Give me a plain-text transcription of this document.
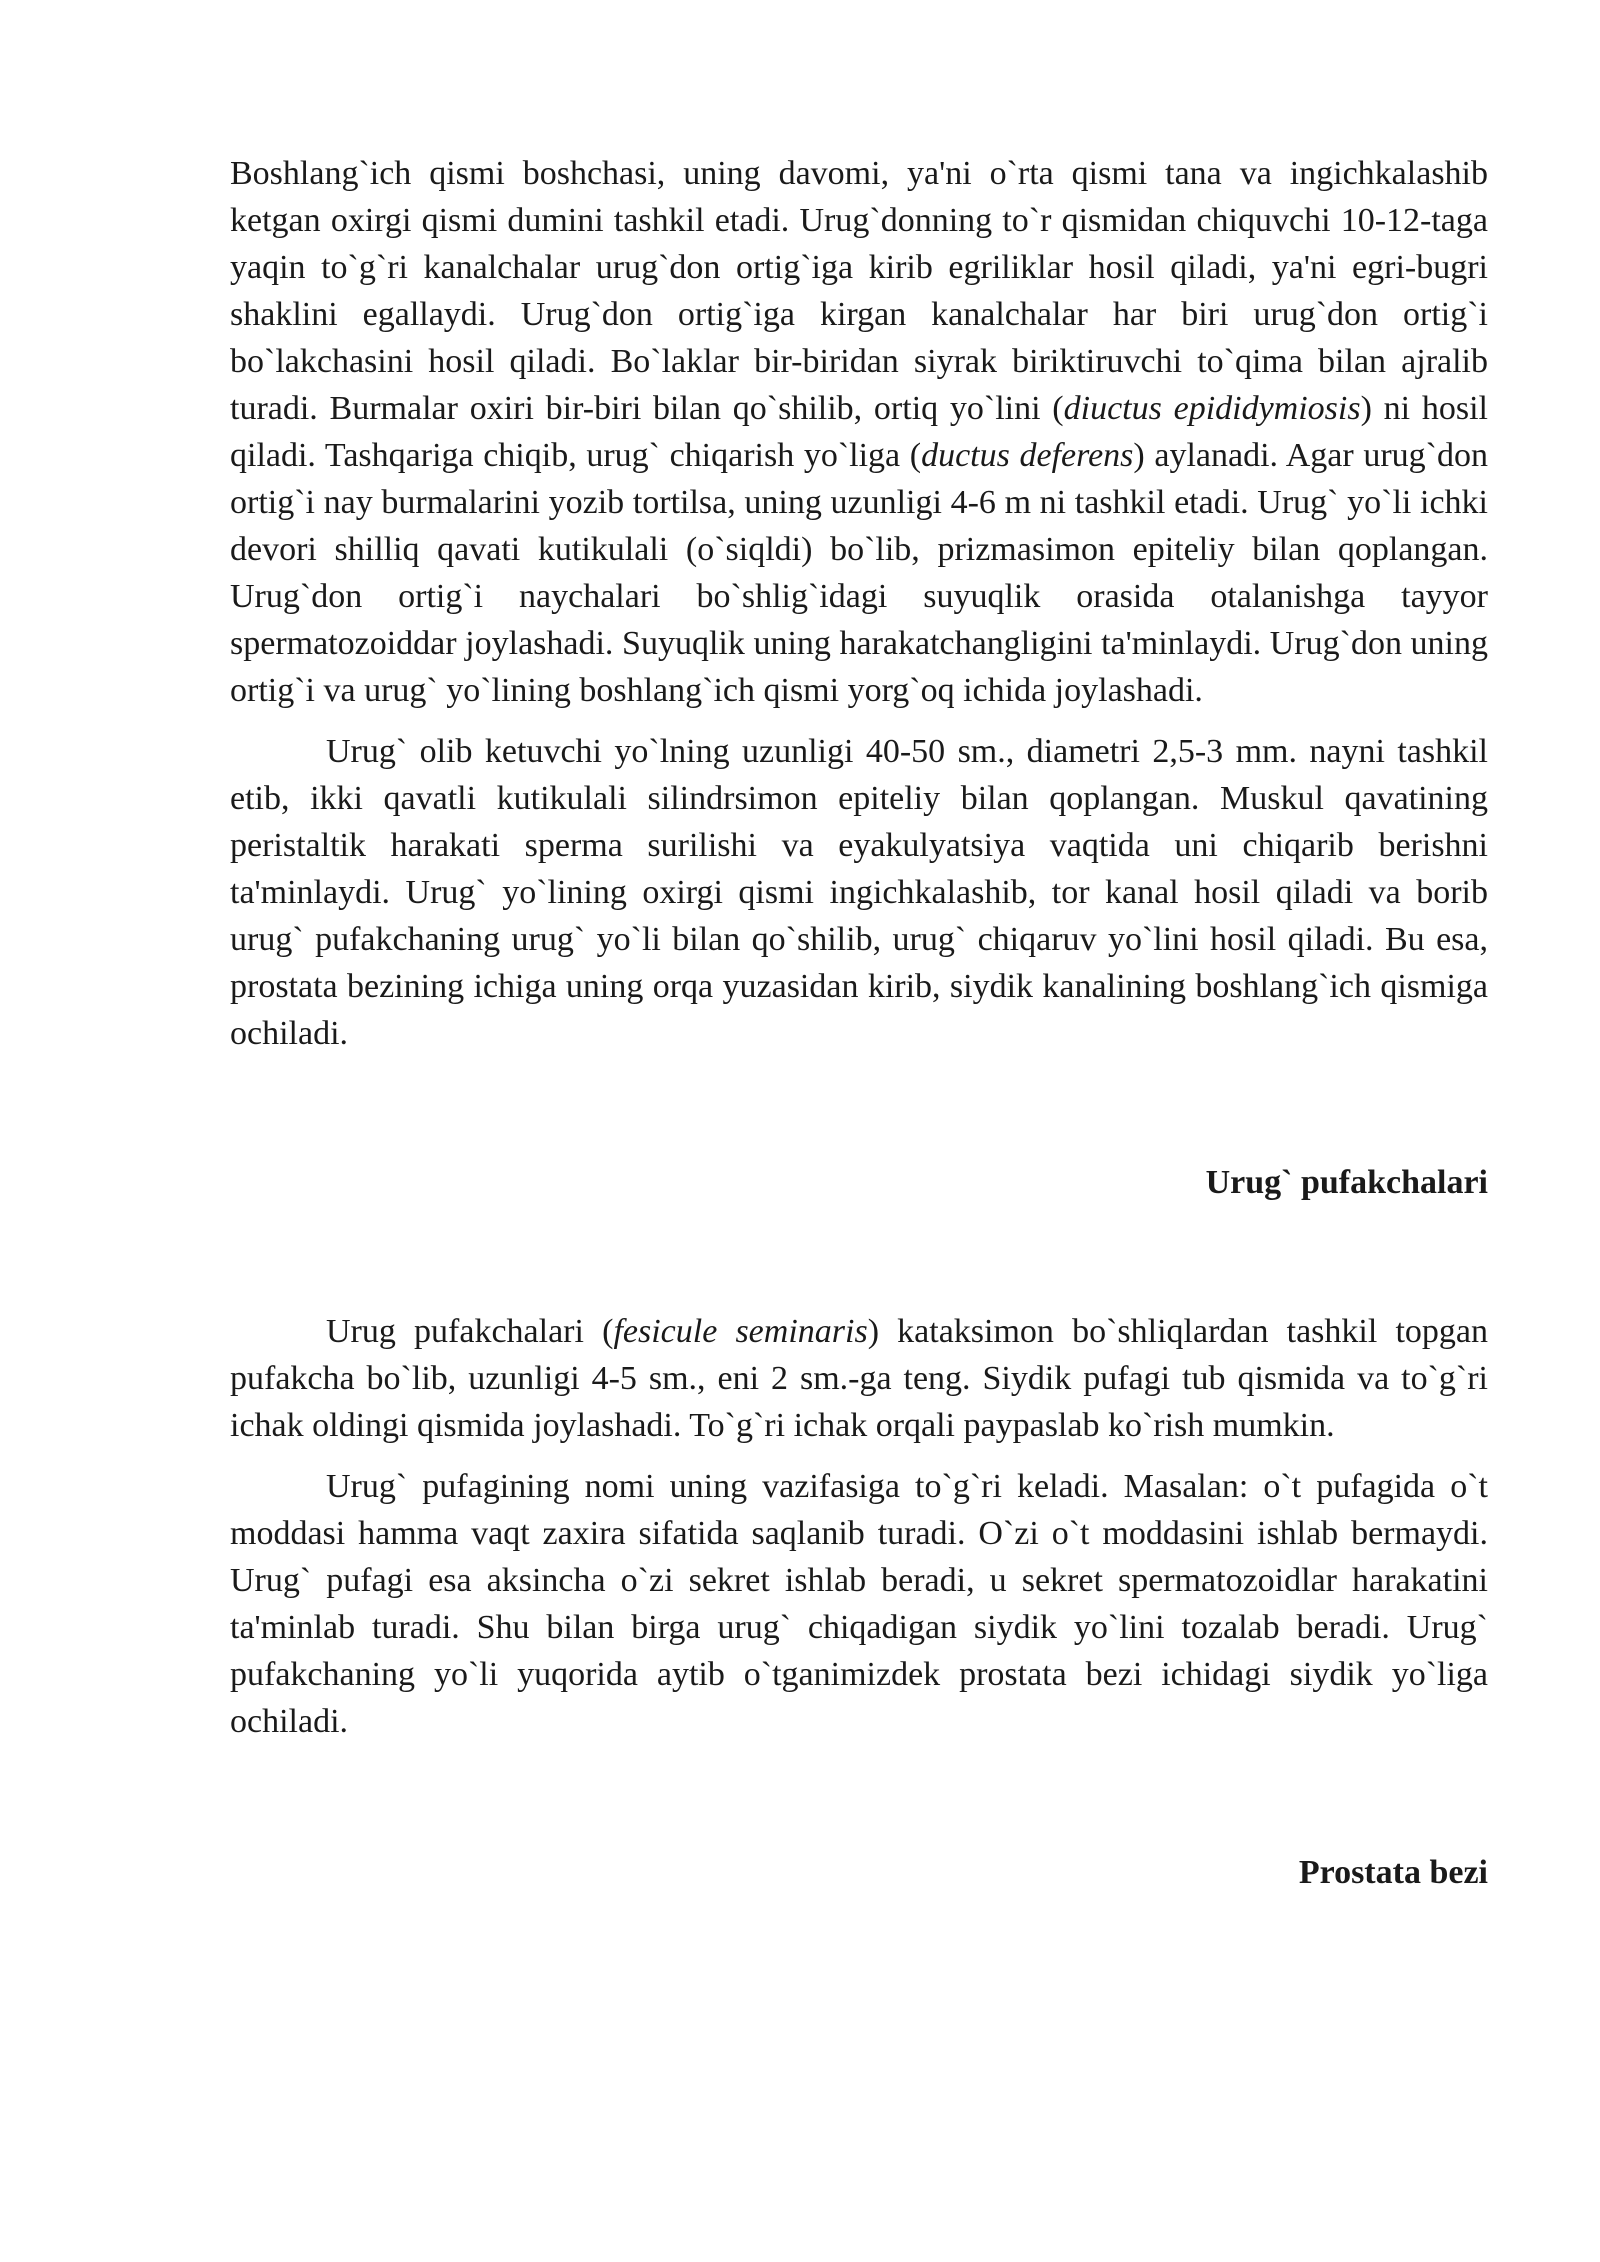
Boshlang`ich qismi boshchasi, uning davomi, ya'ni o`rta qismi tana va ingichkalashib ketgan oxirgi qismi dumini tashkil etadi. Urug`donning to`r qismidan chiquvchi 10-12-taga yaqin to`g`ri kanalchalar urug`don ortig`iga kirib egriliklar hosil qiladi, ya'ni egri-bugri shaklini egallaydi. Urug`don ortig`iga kirgan kanalchalar har biri urug`don ortig`i bo`lakchasini hosil qiladi. Bo`laklar bir-biridan siyrak biriktiruvchi to`qima bilan ajralib turadi. Burmalar oxiri bir-biri bilan qo`shilib, ortiq yo`lini (diuctus epididymiosis) ni hosil qiladi. Tashqariga chiqib, urug` chiqarish yo`liga (ductus deferens) aylanadi. Agar urug`don ortig`i nay burmalarini yozib tortilsa, uning uzunligi 4-6 m ni tashkil etadi. Urug` yo`li ichki devori shilliq qavati kutikulali (o`siqldi) bo`lib, prizmasimon epiteliy bilan qoplangan. Urug`don ortig`i naychalari bo`shlig`idagi suyuqlik orasida otalanishga tayyor spermatozoiddar joylashadi. Suyuqlik uning harakatchangligini ta'minlaydi. Urug`don uning ortig`i va urug` yo`lining boshlang`ich qismi yorg`oq ichida joylashadi.

Urug` olib ketuvchi yo`lning uzunligi 40-50 sm., diametri 2,5-3 mm. nayni tashkil etib, ikki qavatli kutikulali silindrsimon epiteliy bilan qoplangan. Muskul qavatining peristaltik harakati sperma surilishi va eyakulyatsiya vaqtida uni chiqarib berishni ta'minlaydi. Urug` yo`lining oxirgi qismi ingichkalashib, tor kanal hosil qiladi va borib urug` pufakchaning urug` yo`li bilan qo`shilib, urug` chiqaruv yo`lini hosil qiladi. Bu esa, prostata bezining ichiga uning orqa yuzasidan kirib, siydik kanalining boshlang`ich qismiga ochiladi.

Urug` pufakchalari

Urug pufakchalari (fesicule seminaris) kataksimon bo`shliqlardan tashkil topgan pufakcha bo`lib, uzunligi 4-5 sm., eni 2 sm.-ga teng. Siydik pufagi tub qismida va to`g`ri ichak oldingi qismida joylashadi. To`g`ri ichak orqali paypaslab ko`rish mumkin.

Urug` pufagining nomi uning vazifasiga to`g`ri keladi. Masalan: o`t pufagida o`t moddasi hamma vaqt zaxira sifatida saqlanib turadi. O`zi o`t moddasini ishlab bermaydi. Urug` pufagi esa aksincha o`zi sekret ishlab beradi, u sekret spermatozoidlar harakatini ta'minlab turadi. Shu bilan birga urug` chiqadigan siydik yo`lini tozalab beradi. Urug` pufakchaning yo`li yuqorida aytib o`tganimizdek prostata bezi ichidagi siydik yo`liga ochiladi.

Prostata bezi
